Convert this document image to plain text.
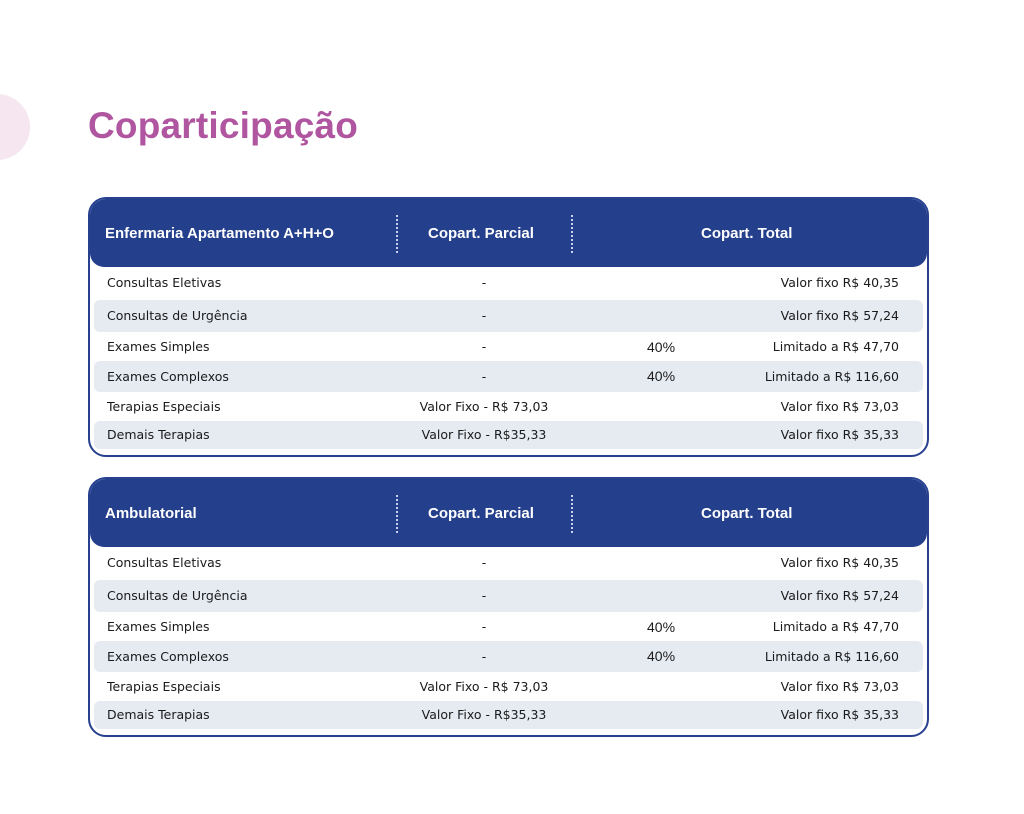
Coparticipação
Enfermaria Apartamento A+H+O	Copart. Parcial	Copart. Total
Consultas Eletivas	-	Valor fixo R$ 40,35
Consultas de Urgência	-	Valor fixo R$ 57,24
Exames Simples	-	40%	Limitado a R$ 47,70
Exames Complexos	-	40%	Limitado a R$ 116,60
Terapias Especiais	Valor Fixo - R$ 73,03	Valor fixo R$ 73,03
Demais Terapias	Valor Fixo - R$35,33	Valor fixo R$ 35,33
Ambulatorial	Copart. Parcial	Copart. Total
Consultas Eletivas	-	Valor fixo R$ 40,35
Consultas de Urgência	-	Valor fixo R$ 57,24
Exames Simples	-	40%	Limitado a R$ 47,70
Exames Complexos	-	40%	Limitado a R$ 116,60
Terapias Especiais	Valor Fixo - R$ 73,03	Valor fixo R$ 73,03
Demais Terapias	Valor Fixo - R$35,33	Valor fixo R$ 35,33
